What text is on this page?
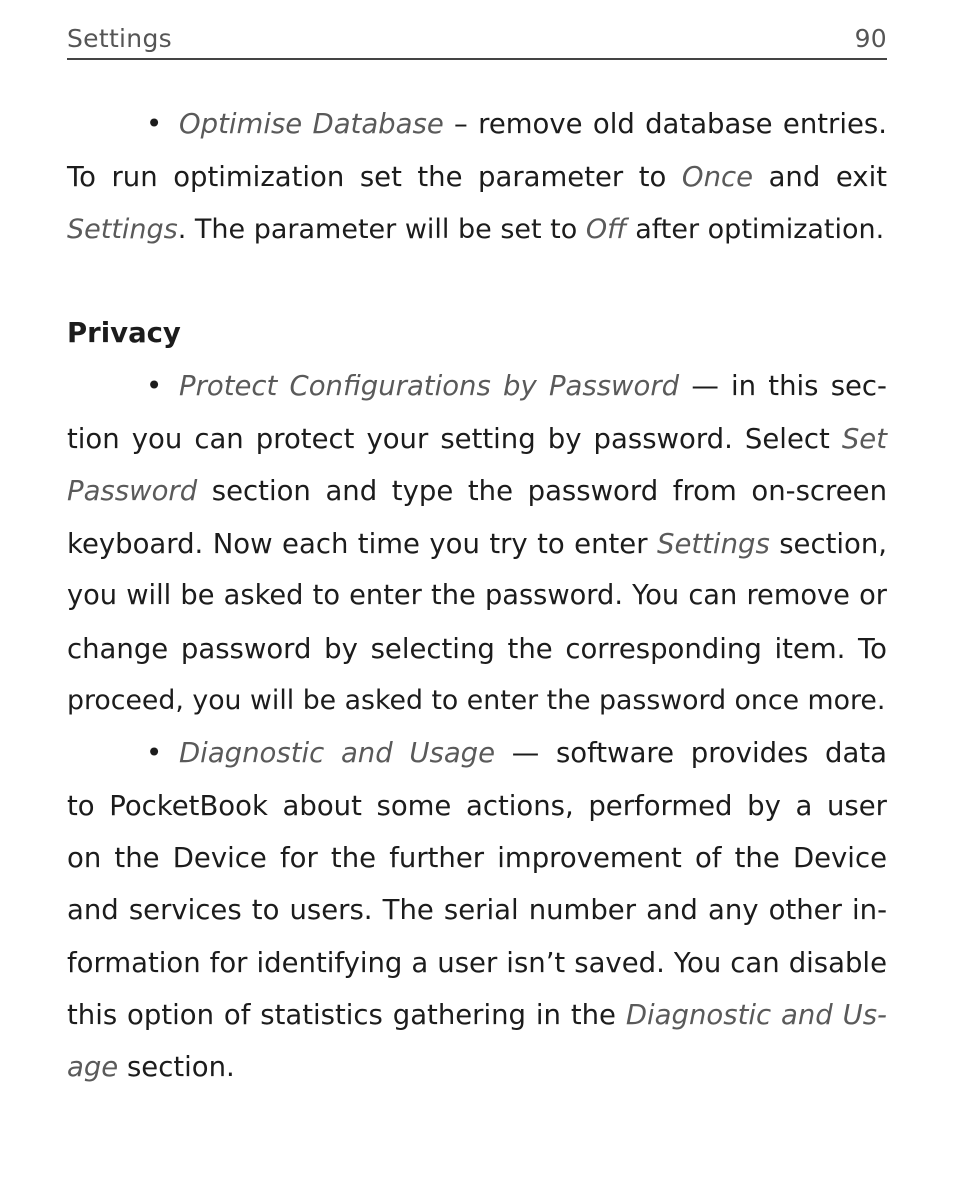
Settings	90
• Optimise Database – remove old database entries.
To run optimization set the parameter to Once and exit
Settings. The parameter will be set to Off after optimization.
Privacy
• Protect Configurations by Password — in this sec-
tion you can protect your setting by password. Select Set
Password section and type the password from on-screen
keyboard. Now each time you try to enter Settings section,
you will be asked to enter the password. You can remove or
change password by selecting the corresponding item. To
proceed, you will be asked to enter the password once more.
• Diagnostic and Usage — software provides data
to PocketBook about some actions, performed by a user
on the Device for the further improvement of the Device
and services to users. The serial number and any other in-
formation for identifying a user isn’t saved. You can disable
this option of statistics gathering in the Diagnostic and Us-
age section.
